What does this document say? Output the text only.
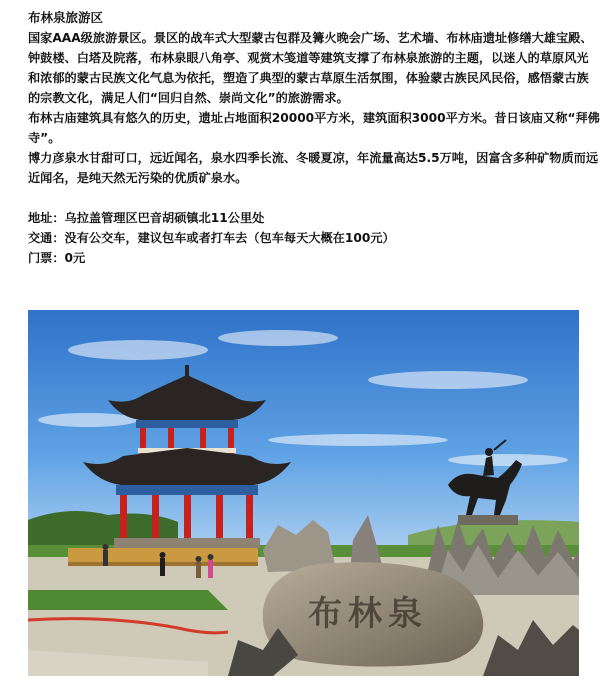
布林泉旅游区

国家AAA级旅游景区。景区的战车式大型蒙古包群及篝火晚会广场、艺术墙、布林庙遗址修缮大雄宝殿、钟鼓楼、白塔及院落，布林泉眼八角亭、观赏木笺道等建筑支撑了布林泉旅游的主题，以迷人的草原风光和浓郁的蒙古民族文化气息为依托，塑造了典型的蒙古草原生活氛围，体验蒙古族民风民俗，感悟蒙古族的宗教文化，满足人们“回归自然、崇尚文化”的旅游需求。

布林古庙建筑具有悠久的历史，遗址占地面积20000平方米，建筑面积3000平方米。昔日该庙又称“拜佛寺”。

博力彦泉水甘甜可口，远近闻名，泉水四季长流、冬暖夏凉，年流量高达5.5万吨，因富含多种矿物质而远近闻名，是纯天然无污染的优质矿泉水。

地址：乌拉盖管理区巴音胡硕镇北11公里处

交通：没有公交车，建议包车或者打车去（包车每天大概在100元）

门票：0元

布林泉
